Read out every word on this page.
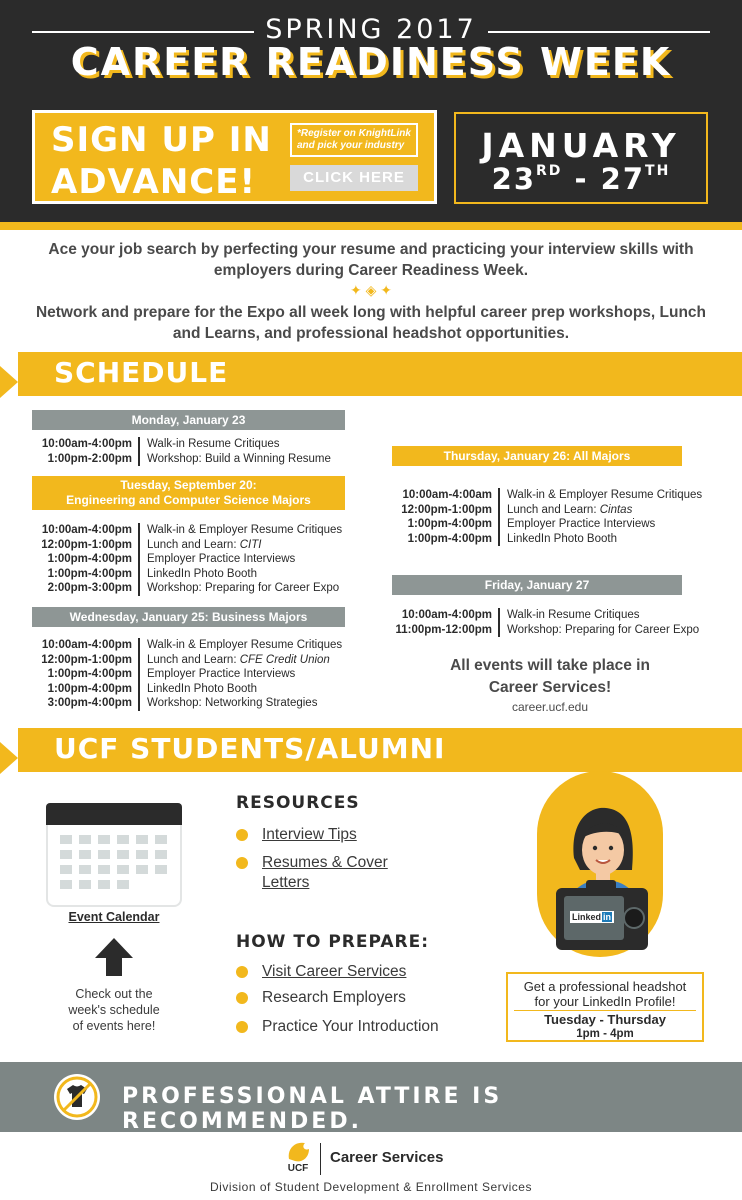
SPRING 2017
CAREER READINESS WEEK
SIGN UP IN
ADVANCE!
*Register on KnightLink and pick your industry
CLICK HERE
JANUARY
23RD - 27TH
Ace your job search by perfecting your resume and practicing your interview skills with employers during Career Readiness Week.
✦ ◈ ✦
Network and prepare for the Expo all week long with helpful career prep workshops, Lunch and Learns, and professional headshot opportunities.
SCHEDULE
Monday, January 23
10:00am-4:00pm	Walk-in Resume Critiques
1:00pm-2:00pm	Workshop: Build a Winning Resume
Tuesday, September 20:
Engineering and Computer Science Majors
10:00am-4:00pm	Walk-in & Employer Resume Critiques
12:00pm-1:00pm	Lunch and Learn: CITI
1:00pm-4:00pm	Employer Practice Interviews
1:00pm-4:00pm	LinkedIn Photo Booth
2:00pm-3:00pm	Workshop: Preparing for Career Expo
Wednesday, January 25: Business Majors
10:00am-4:00pm	Walk-in & Employer Resume Critiques
12:00pm-1:00pm	Lunch and Learn: CFE Credit Union
1:00pm-4:00pm	Employer Practice Interviews
1:00pm-4:00pm	LinkedIn Photo Booth
3:00pm-4:00pm	Workshop: Networking Strategies
Thursday, January 26: All Majors
10:00am-4:00am	Walk-in & Employer Resume Critiques
12:00pm-1:00pm	Lunch and Learn: Cintas
1:00pm-4:00pm	Employer Practice Interviews
1:00pm-4:00pm	LinkedIn Photo Booth
Friday, January 27
10:00am-4:00pm	Walk-in Resume Critiques
11:00pm-12:00pm	Workshop: Preparing for Career Expo
All events will take place in
Career Services!
career.ucf.edu
UCF STUDENTS/ALUMNI
Event Calendar
Check out the
week's schedule
of events here!
RESOURCES
Interview Tips
Resumes & Cover Letters
HOW TO PREPARE:
Visit Career Services
Research Employers
Practice Your Introduction
Linked in
Get a professional headshot
for your LinkedIn Profile!
Tuesday - Thursday
1pm - 4pm
PROFESSIONAL ATTIRE IS RECOMMENDED.
UCF
Career Services
Division of Student Development & Enrollment Services
